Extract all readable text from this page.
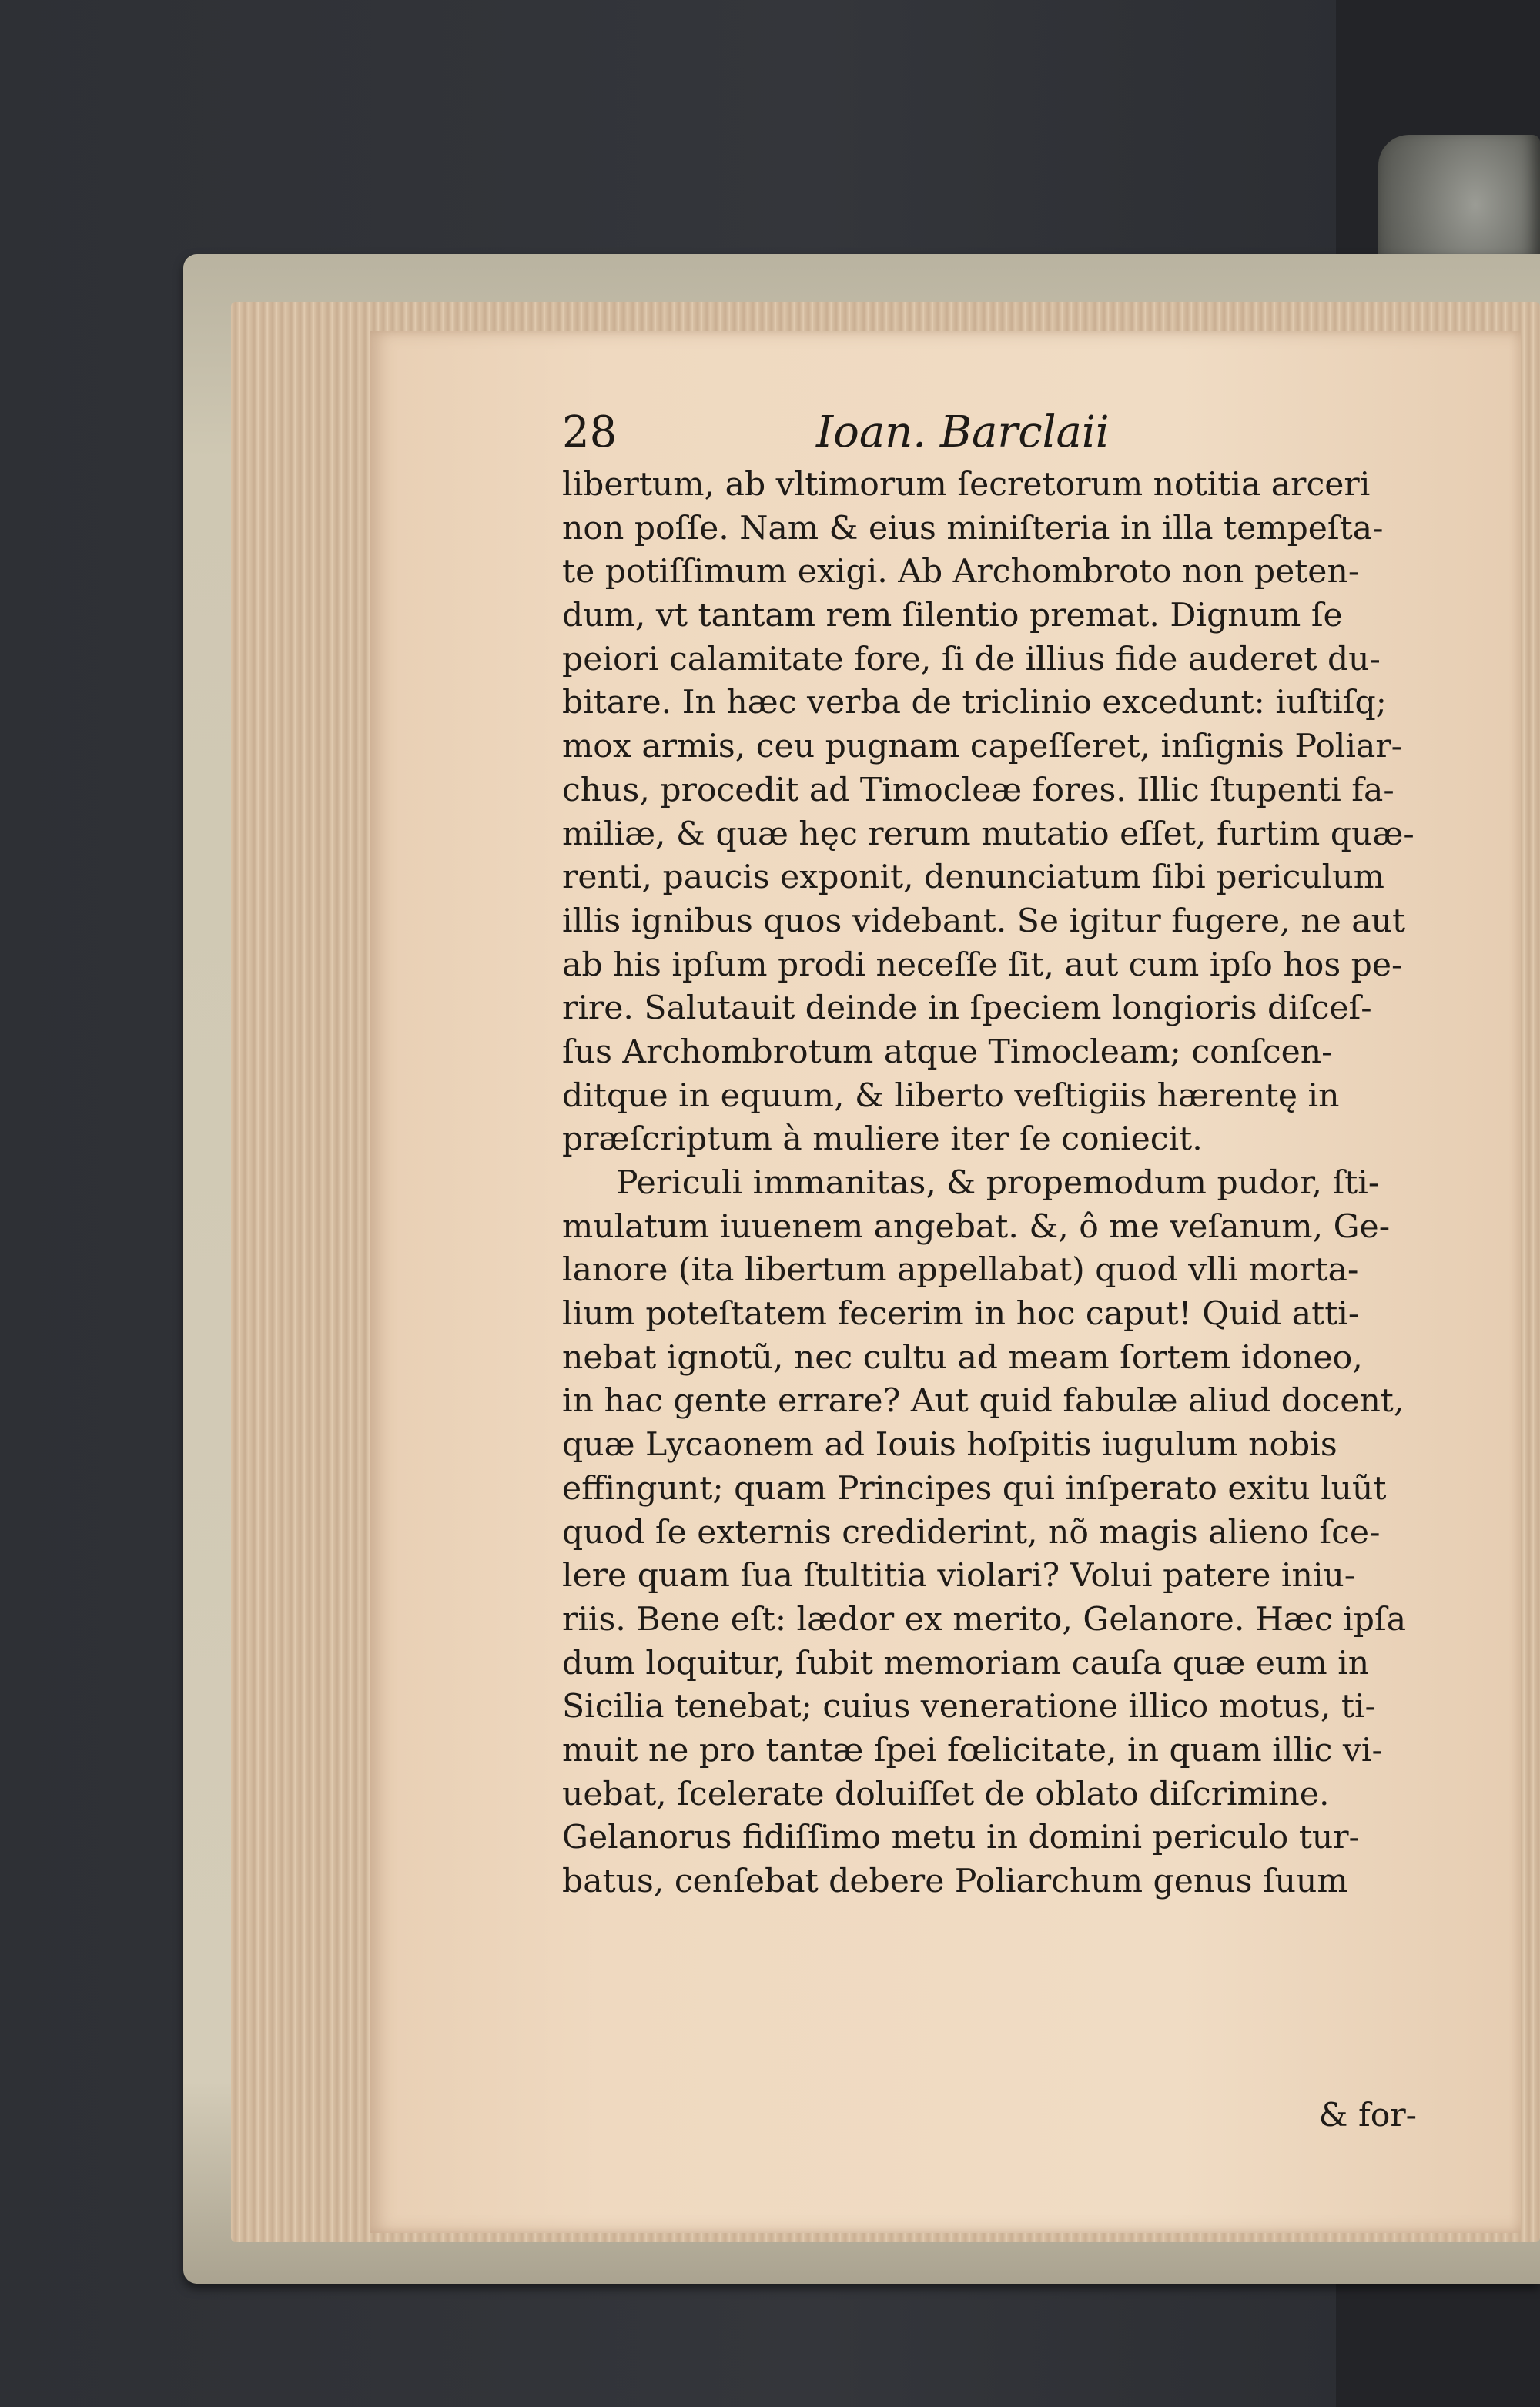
28	Ioan. Barclaii
libertum, ab vltimorum ſecretorum notitia arceri
non poſſe. Nam & eius miniſteria in illa tempeſta-
te potiſſimum exigi. Ab Archombroto non peten-
dum, vt tantam rem ſilentio premat. Dignum ſe
peiori calamitate fore, ſi de illius fide auderet du-
bitare. In hæc verba de triclinio excedunt: iuſtiſq;
mox armis, ceu pugnam capeſſeret, inſignis Poliar-
chus, procedit ad Timocleæ fores. Illic ſtupenti fa-
miliæ, & quæ hęc rerum mutatio eſſet, furtim quæ-
renti, paucis exponit, denunciatum ſibi periculum
illis ignibus quos videbant. Se igitur fugere, ne aut
ab his ipſum prodi neceſſe ſit, aut cum ipſo hos pe-
rire. Salutauit deinde in ſpeciem longioris diſceſ-
ſus Archombrotum atque Timocleam; conſcen-
ditque in equum, & liberto veſtigiis hærentę in
præſcriptum à muliere iter ſe coniecit.
Periculi immanitas, & propemodum pudor, ſti-
mulatum iuuenem angebat. &, ô me veſanum, Ge-
lanore (ita libertum appellabat) quod vlli morta-
lium poteſtatem fecerim in hoc caput! Quid atti-
nebat ignotũ, nec cultu ad meam ſortem idoneo,
in hac gente errare? Aut quid fabulæ aliud docent,
quæ Lycaonem ad Iouis hoſpitis iugulum nobis
effingunt; quam Principes qui inſperato exitu luũt
quod ſe externis crediderint, nõ magis alieno ſce-
lere quam ſua ſtultitia violari? Volui patere iniu-
riis. Bene eſt: lædor ex merito, Gelanore. Hæc ipſa
dum loquitur, ſubit memoriam cauſa quæ eum in
Sicilia tenebat; cuius veneratione illico motus, ti-
muit ne pro tantæ ſpei fœlicitate, in quam illic vi-
uebat, ſcelerate doluiſſet de oblato diſcrimine.
Gelanorus fidiſſimo metu in domini periculo tur-
batus, cenſebat debere Poliarchum genus ſuum
& for-
